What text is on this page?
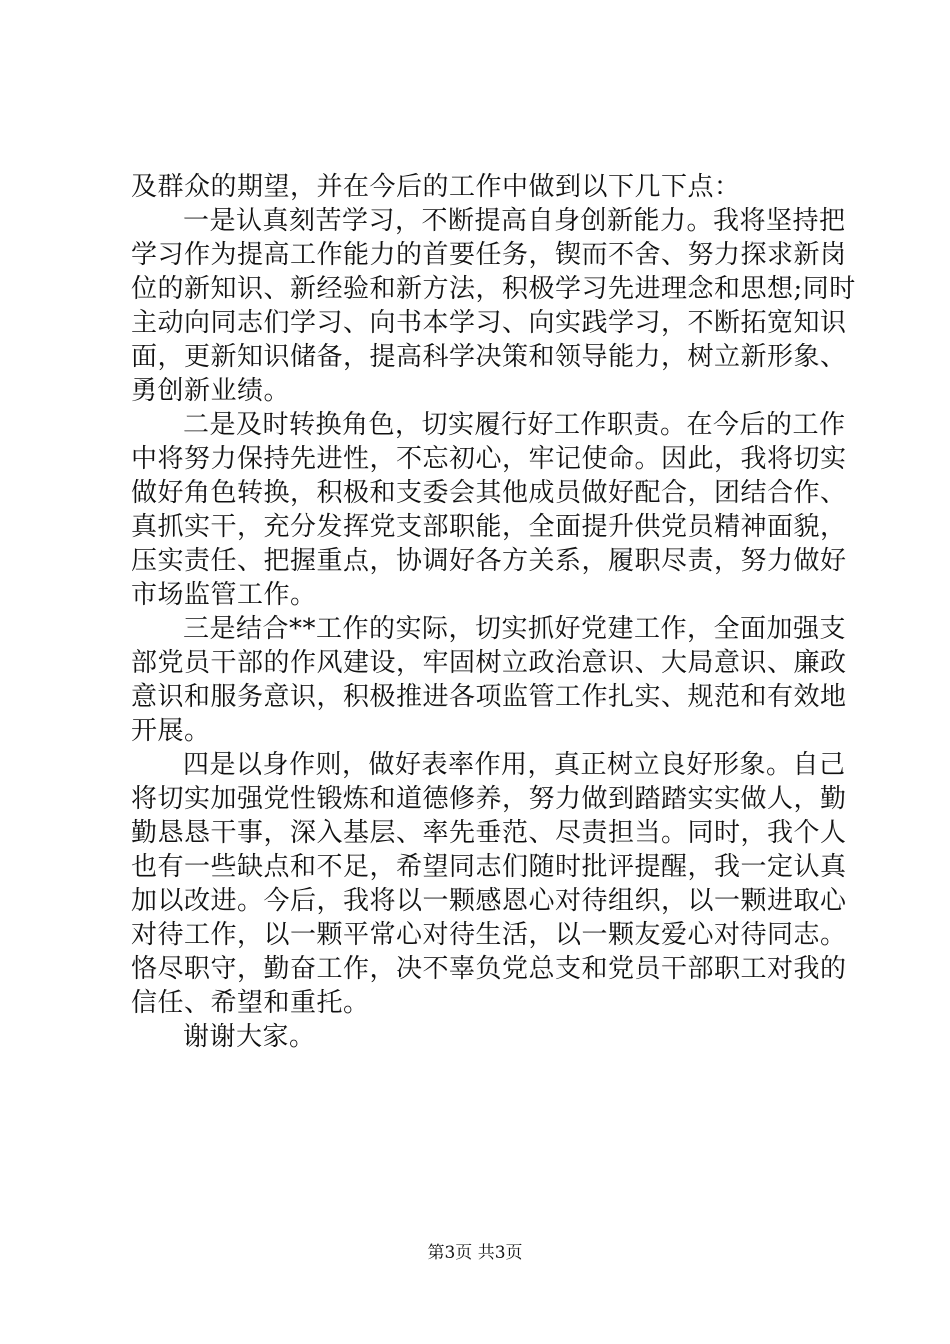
及群众的期望，并在今后的工作中做到以下几下点：
一是认真刻苦学习，不断提高自身创新能力。我将坚持把
学习作为提高工作能力的首要任务，锲而不舍、努力探求新岗
位的新知识、新经验和新方法，积极学习先进理念和思想;同时
主动向同志们学习、向书本学习、向实践学习，不断拓宽知识
面，更新知识储备，提高科学决策和领导能力，树立新形象、
勇创新业绩。
二是及时转换角色，切实履行好工作职责。在今后的工作
中将努力保持先进性，不忘初心，牢记使命。因此，我将切实
做好角色转换，积极和支委会其他成员做好配合，团结合作、
真抓实干，充分发挥党支部职能，全面提升供党员精神面貌，
压实责任、把握重点，协调好各方关系，履职尽责，努力做好
市场监管工作。
三是结合**工作的实际，切实抓好党建工作，全面加强支
部党员干部的作风建设，牢固树立政治意识、大局意识、廉政
意识和服务意识，积极推进各项监管工作扎实、规范和有效地
开展。
四是以身作则，做好表率作用，真正树立良好形象。自己
将切实加强党性锻炼和道德修养，努力做到踏踏实实做人，勤
勤恳恳干事，深入基层、率先垂范、尽责担当。同时，我个人
也有一些缺点和不足，希望同志们随时批评提醒，我一定认真
加以改进。今后，我将以一颗感恩心对待组织，以一颗进取心
对待工作，以一颗平常心对待生活，以一颗友爱心对待同志。
恪尽职守，勤奋工作，决不辜负党总支和党员干部职工对我的
信任、希望和重托。
谢谢大家。
第3页 共3页
